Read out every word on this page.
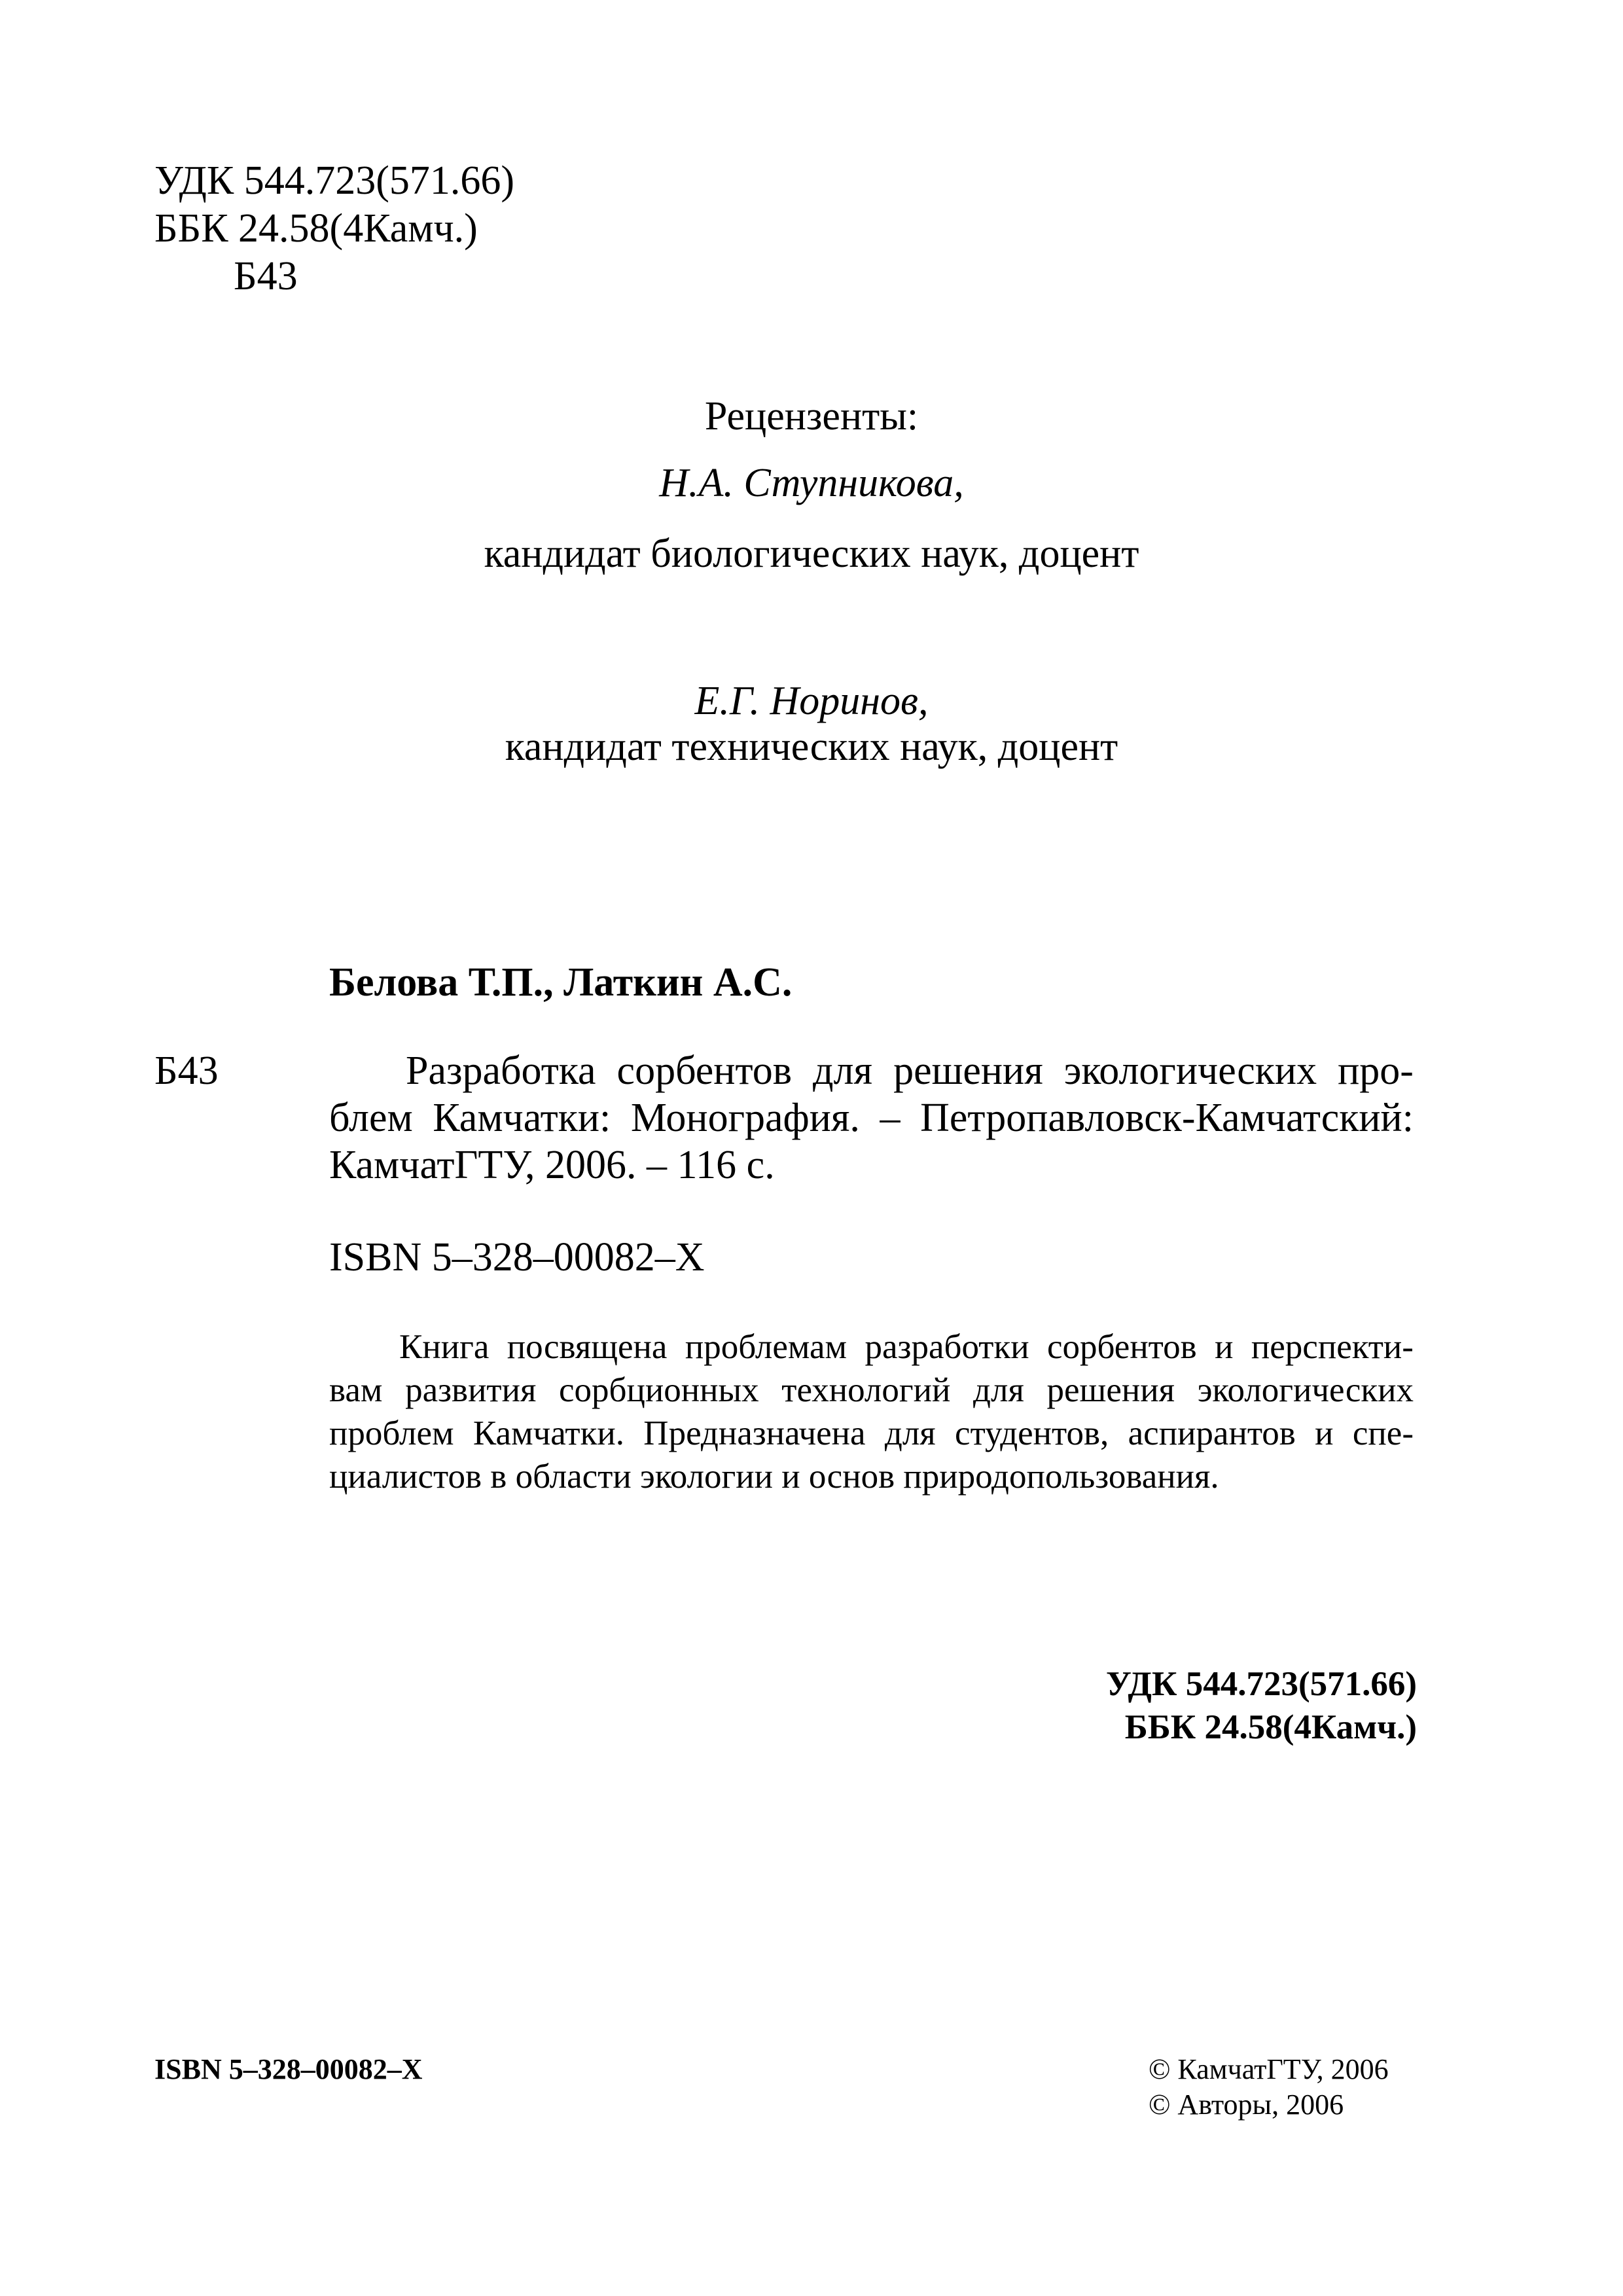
УДК 544.723(571.66)
ББК 24.58(4Камч.)
Б43
Рецензенты:
Н.А. Ступникова,
кандидат биологических наук, доцент
Е.Г. Норинов,
кандидат технических наук, доцент
Белова Т.П., Латкин А.С.
Б43	Разработка сорбентов для решения экологических про-
блем Камчатки: Монография. – Петропавловск-Камчатский:
КамчатГТУ, 2006. – 116 с.
ISBN 5–328–00082–X
Книга посвящена проблемам разработки сорбентов и перспекти-
вам развития сорбционных технологий для решения экологических
проблем Камчатки. Предназначена для студентов, аспирантов и спе-
циалистов в области экологии и основ природопользования.
УДК 544.723(571.66)
ББК 24.58(4Камч.)
ISBN 5–328–00082–X	© КамчатГТУ, 2006
© Авторы, 2006
